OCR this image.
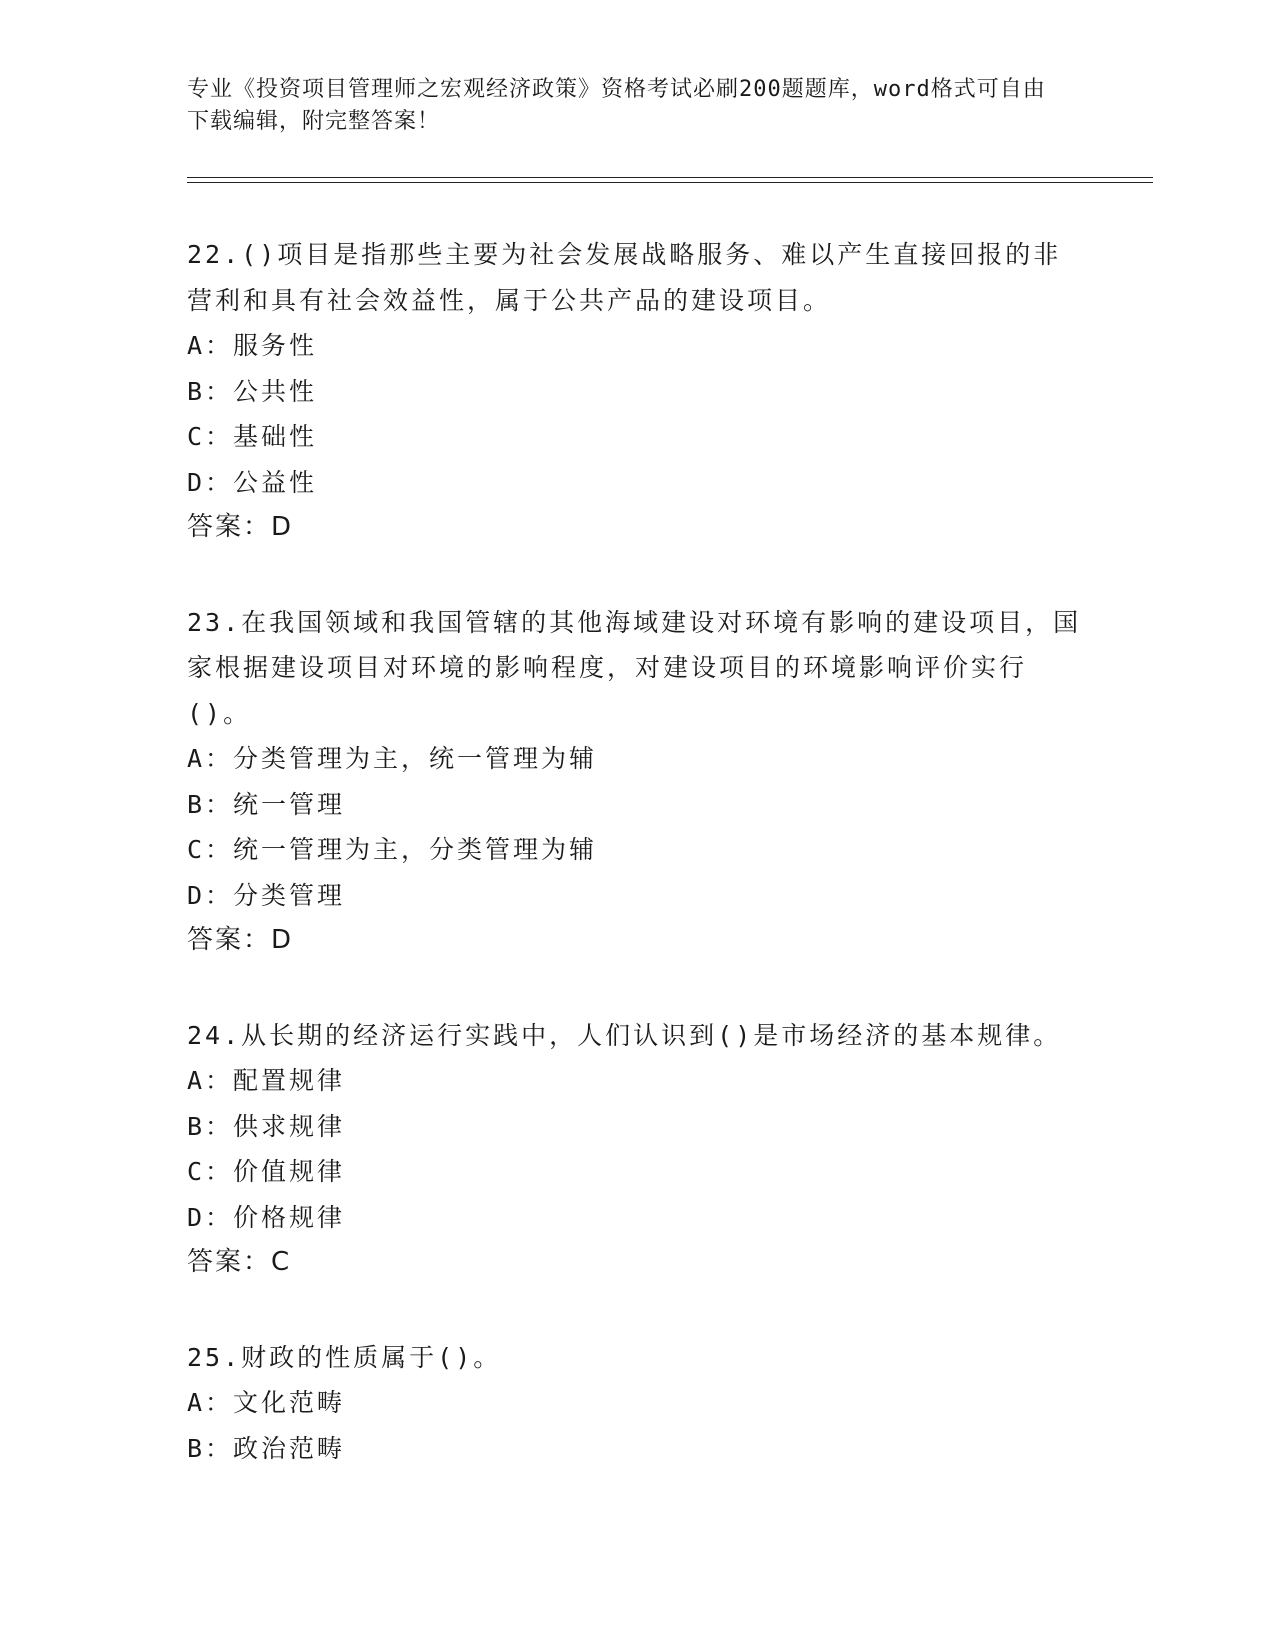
专业《投资项目管理师之宏观经济政策》资格考试必刷200题题库，word格式可自由下载编辑，附完整答案！
22.()项目是指那些主要为社会发展战略服务、难以产生直接回报的非营利和具有社会效益性，属于公共产品的建设项目。
A：服务性
B：公共性
C：基础性
D：公益性
答案：D
23.在我国领域和我国管辖的其他海域建设对环境有影响的建设项目，国家根据建设项目对环境的影响程度，对建设项目的环境影响评价实行()。
A：分类管理为主，统一管理为辅
B：统一管理
C：统一管理为主，分类管理为辅
D：分类管理
答案：D
24.从长期的经济运行实践中，人们认识到()是市场经济的基本规律。
A：配置规律
B：供求规律
C：价值规律
D：价格规律
答案：C
25.财政的性质属于()。
A：文化范畴
B：政治范畴
